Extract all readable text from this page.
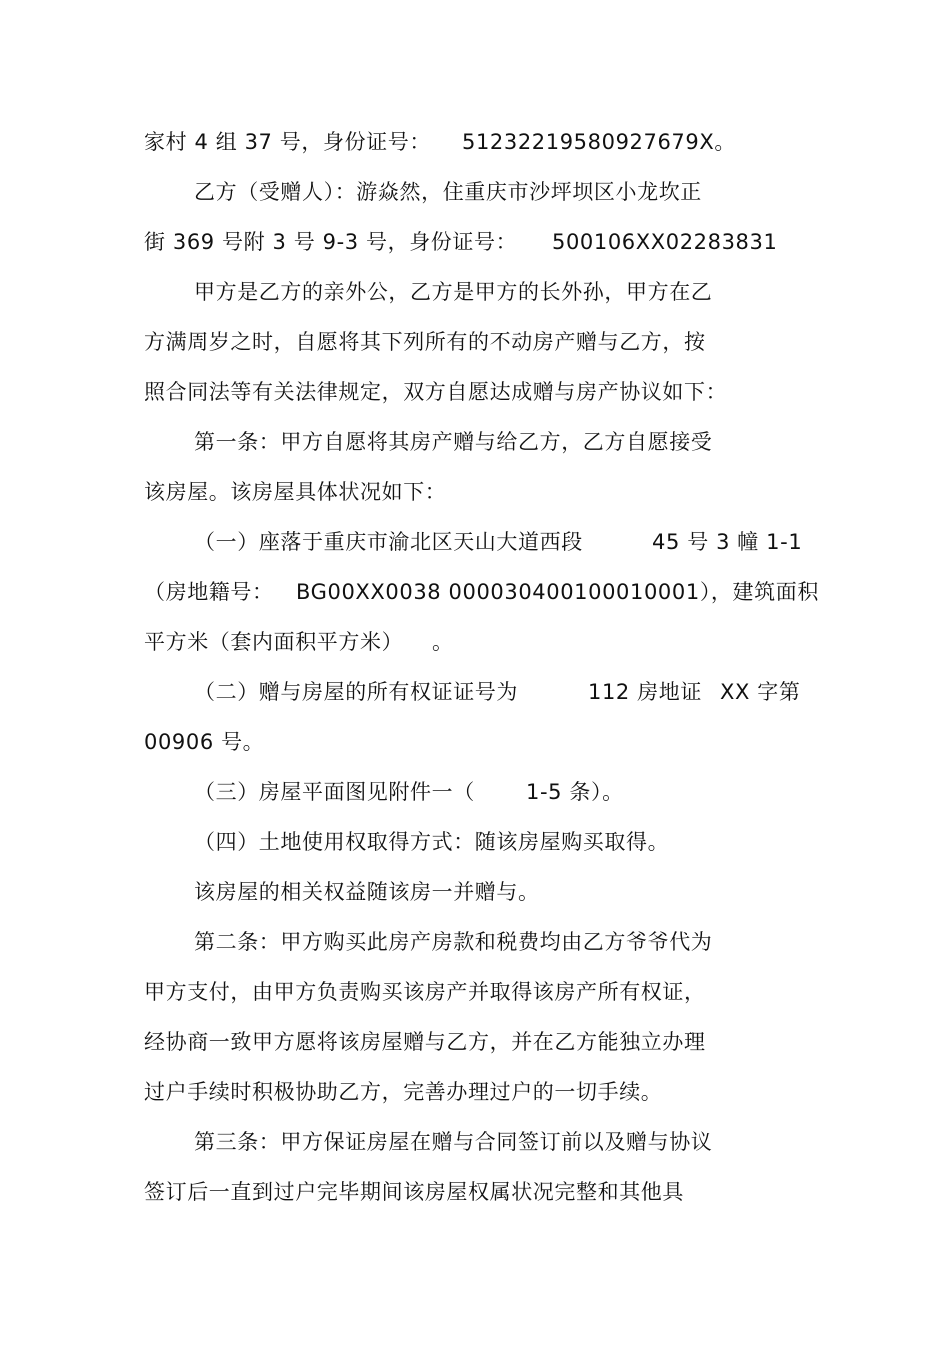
家村 4 组 37 号，身份证号：

51232219580927679X。

乙方（受赠人）：游焱然，住重庆市沙坪坝区小龙坎正

街 369 号附 3 号 9-3 号，身份证号：

500106XX02283831

甲方是乙方的亲外公，乙方是甲方的长外孙，甲方在乙

方满周岁之时，自愿将其下列所有的不动房产赠与乙方，按

照合同法等有关法律规定，双方自愿达成赠与房产协议如下：

第一条：甲方自愿将其房产赠与给乙方，乙方自愿接受

该房屋。该房屋具体状况如下：

（一）座落于重庆市渝北区天山大道西段

	45 号 3 幢 1-1

（房地籍号：

BG00XX0038 000030400100010001），建筑面积

平方米（套内面积平方米）

。

（二）赠与房屋的所有权证证号为

	112 房地证

XX 字第

00906 号。

（三）房屋平面图见附件一（

1-5 条）。

（四）土地使用权取得方式：随该房屋购买取得。

该房屋的相关权益随该房一并赠与。

第二条：甲方购买此房产房款和税费均由乙方爷爷代为

甲方支付，由甲方负责购买该房产并取得该房产所有权证，

经协商一致甲方愿将该房屋赠与乙方，并在乙方能独立办理

过户手续时积极协助乙方，完善办理过户的一切手续。

第三条：甲方保证房屋在赠与合同签订前以及赠与协议

签订后一直到过户完毕期间该房屋权属状况完整和其他具
